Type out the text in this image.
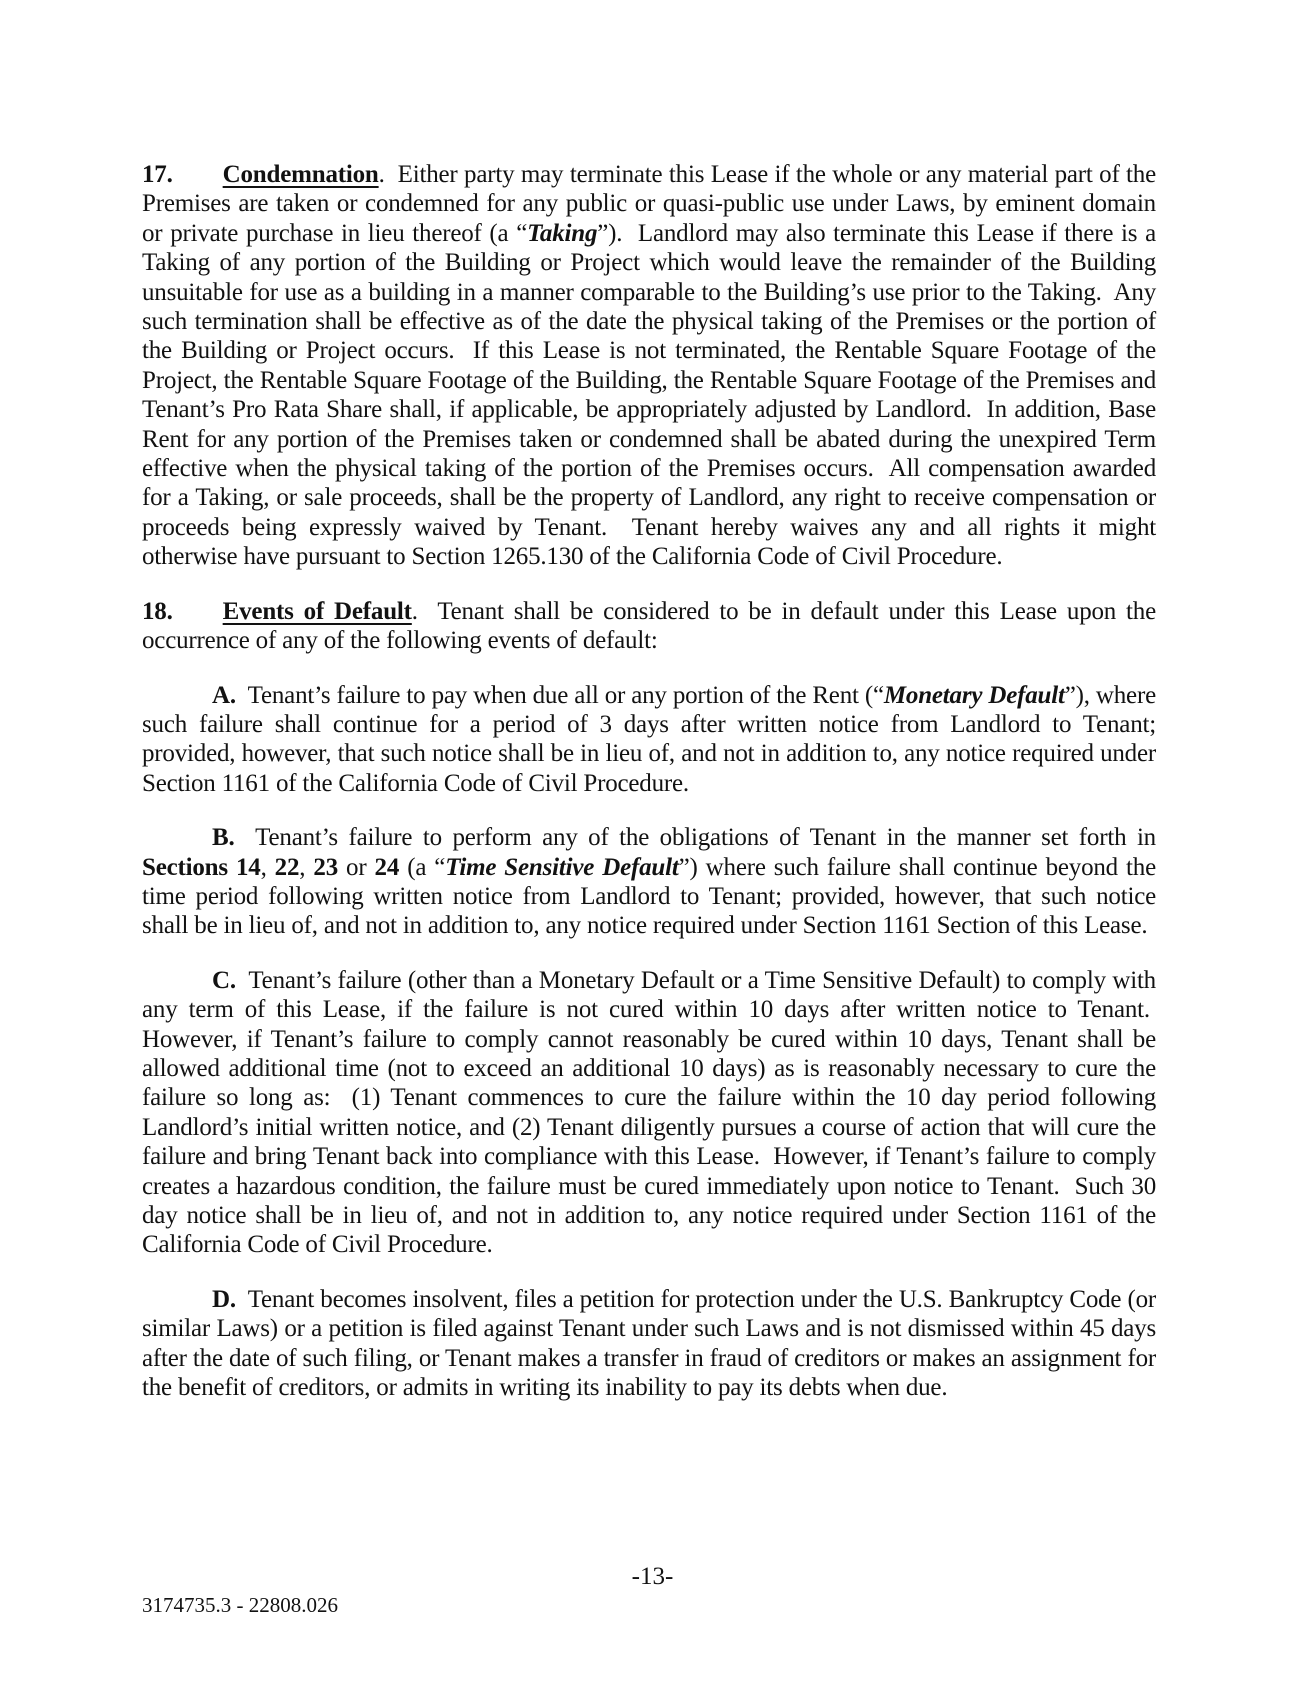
17. Condemnation.  Either party may terminate this Lease if the whole or any material part of the Premises are taken or condemned for any public or quasi-public use under Laws, by eminent domain or private purchase in lieu thereof (a “Taking”).  Landlord may also terminate this Lease if there is a Taking of any portion of the Building or Project which would leave the remainder of the Building unsuitable for use as a building in a manner comparable to the Building’s use prior to the Taking.  Any such termination shall be effective as of the date the physical taking of the Premises or the portion of the Building or Project occurs.  If this Lease is not terminated, the Rentable Square Footage of the Project, the Rentable Square Footage of the Building, the Rentable Square Footage of the Premises and Tenant’s Pro Rata Share shall, if applicable, be appropriately adjusted by Landlord.  In addition, Base Rent for any portion of the Premises taken or condemned shall be abated during the unexpired Term effective when the physical taking of the portion of the Premises occurs.  All compensation awarded for a Taking, or sale proceeds, shall be the property of Landlord, any right to receive compensation or proceeds being expressly waived by Tenant.  Tenant hereby waives any and all rights it might otherwise have pursuant to Section 1265.130 of the California Code of Civil Procedure.

18. Events of Default.  Tenant shall be considered to be in default under this Lease upon the occurrence of any of the following events of default:

A.  Tenant’s failure to pay when due all or any portion of the Rent (“Monetary Default”), where such failure shall continue for a period of 3 days after written notice from Landlord to Tenant; provided, however, that such notice shall be in lieu of, and not in addition to, any notice required under Section 1161 of the California Code of Civil Procedure.

B.  Tenant’s failure to perform any of the obligations of Tenant in the manner set forth in Sections 14, 22, 23 or 24 (a “Time Sensitive Default”) where such failure shall continue beyond the time period following written notice from Landlord to Tenant; provided, however, that such notice shall be in lieu of, and not in addition to, any notice required under Section 1161 Section of this Lease.

C.  Tenant’s failure (other than a Monetary Default or a Time Sensitive Default) to comply with any term of this Lease, if the failure is not cured within 10 days after written notice to Tenant.  However, if Tenant’s failure to comply cannot reasonably be cured within 10 days, Tenant shall be allowed additional time (not to exceed an additional 10 days) as is reasonably necessary to cure the failure so long as:  (1) Tenant commences to cure the failure within the 10 day period following Landlord’s initial written notice, and (2) Tenant diligently pursues a course of action that will cure the failure and bring Tenant back into compliance with this Lease.  However, if Tenant’s failure to comply creates a hazardous condition, the failure must be cured immediately upon notice to Tenant.  Such 30 day notice shall be in lieu of, and not in addition to, any notice required under Section 1161 of the California Code of Civil Procedure.

D.  Tenant becomes insolvent, files a petition for protection under the U.S. Bankruptcy Code (or similar Laws) or a petition is filed against Tenant under such Laws and is not dismissed within 45 days after the date of such filing, or Tenant makes a transfer in fraud of creditors or makes an assignment for the benefit of creditors, or admits in writing its inability to pay its debts when due.

-13-
3174735.3 - 22808.026
